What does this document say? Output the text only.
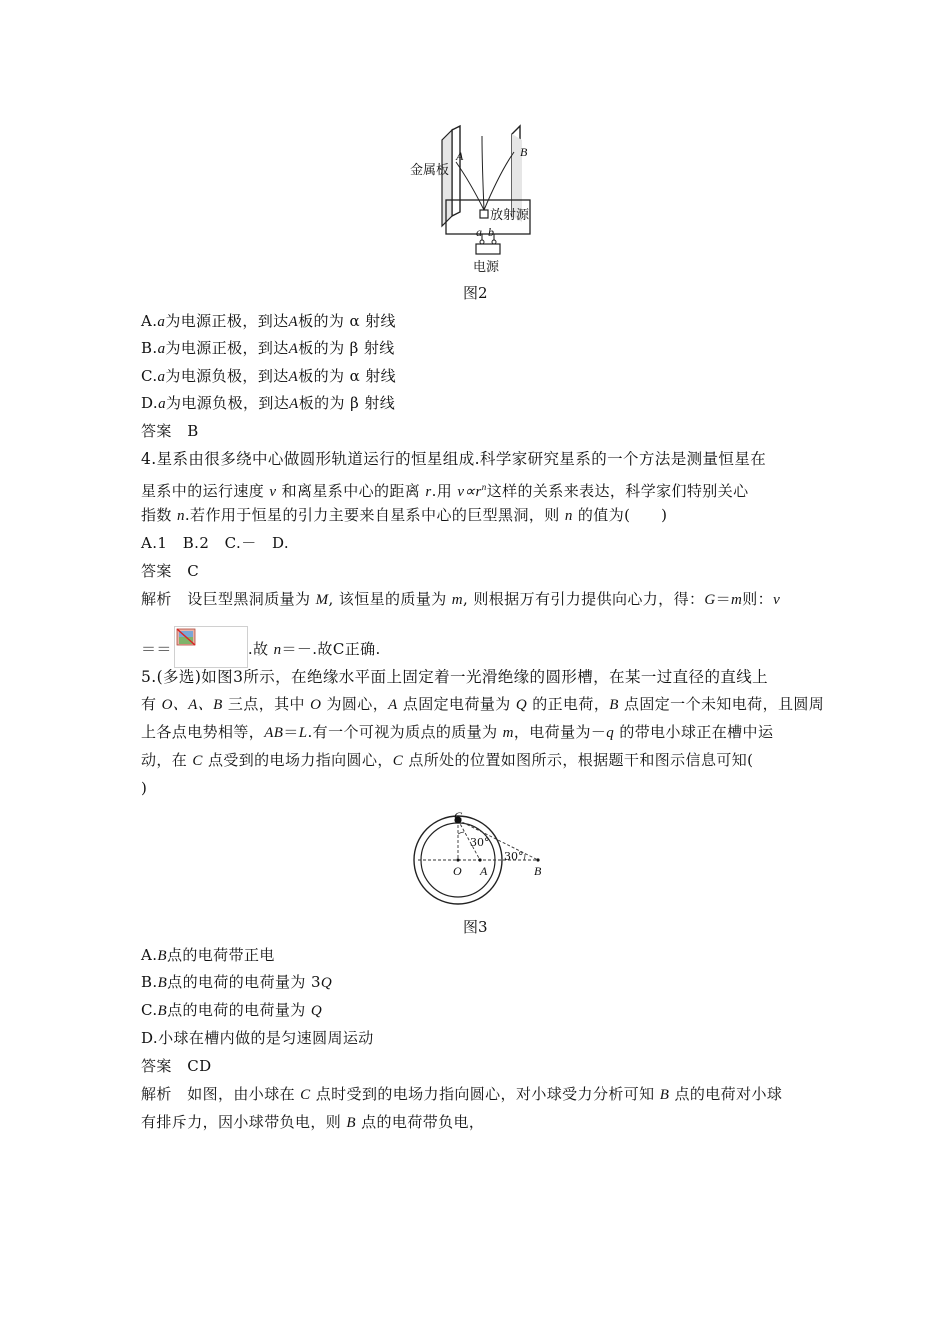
A	B
金属板
放射源
a b
电源
图2
A.a为电源正极，到达A板的为 α 射线
B.a为电源正极，到达A板的为 β 射线
C.a为电源负极，到达A板的为 α 射线
D.a为电源负极，到达A板的为 β 射线
答案　B
4.星系由很多绕中心做圆形轨道运行的恒星组成.科学家研究星系的一个方法是测量恒星在
星系中的运行速度 v 和离星系中心的距离 r.用 $v\propto r^n$这样的关系来表达，科学家们特别关心
指数 n.若作用于恒星的引力主要来自星系中心的巨型黑洞，则 n 的值为(　　)
A.1　B.2　C.－　D.
答案　C
解析　设巨型黑洞质量为 M, 该恒星的质量为 m, 则根据万有引力提供向心力，得：G＝m则：v
＝＝	.故 n＝－.故C正确.
5.(多选)如图3所示，在绝缘水平面上固定着一光滑绝缘的圆形槽，在某一过直径的直线上
有 O、A、B 三点，其中 O 为圆心，A 点固定电荷量为 Q 的正电荷，B 点固定一个未知电荷，且圆周
上各点电势相等，AB＝L.有一个可视为质点的质量为 m，电荷量为－q 的带电小球正在槽中运
动，在 C 点受到的电场力指向圆心，C 点所处的位置如图所示，根据题干和图示信息可知(
)
C
30°
30°
O A	B
图3
A.B点的电荷带正电
B.B点的电荷的电荷量为 3Q
C.B点的电荷的电荷量为 Q
D.小球在槽内做的是匀速圆周运动
答案　CD
解析　如图，由小球在 C 点时受到的电场力指向圆心，对小球受力分析可知 B 点的电荷对小球
有排斥力，因小球带负电，则 B 点的电荷带负电，
